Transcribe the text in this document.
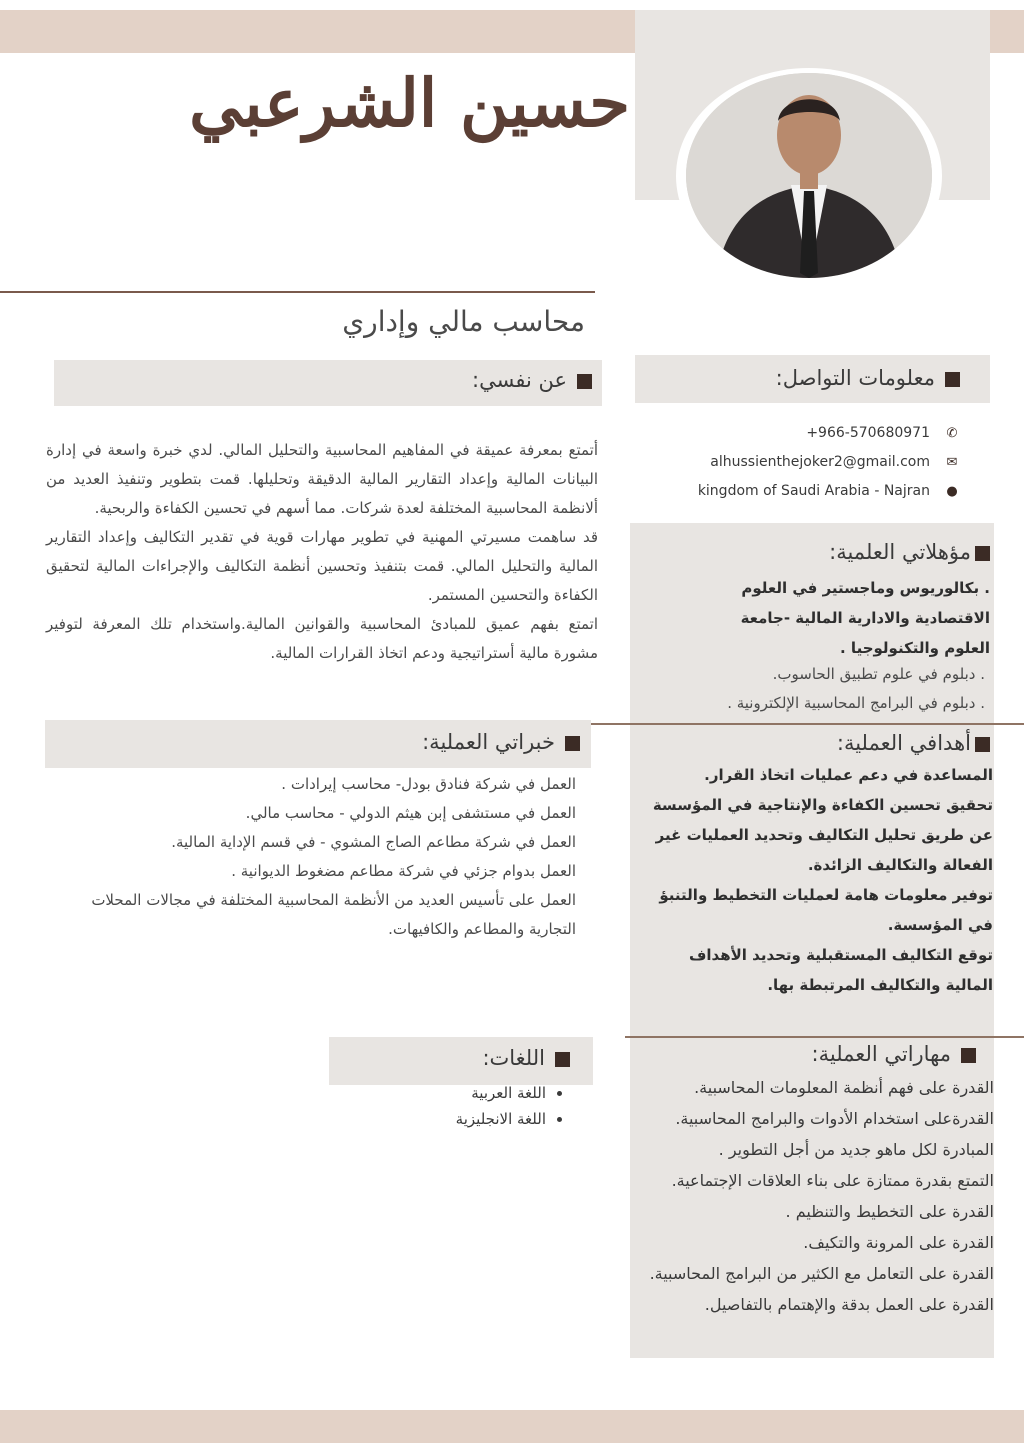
حسين الشرعبي
محاسب مالي وإداري
معلومات التواصل:
+966-570680971 ✆
alhussienthejoker2@gmail.com ✉
kingdom of Saudi Arabia - Najran ●
مؤهلاتي العلمية:
. بكالوريوس وماجستير في العلوم الاقتصادية والادارية المالية -جامعة العلوم والتكنولوجيا .
. دبلوم في علوم تطبيق الحاسوب.
. دبلوم في البرامج المحاسبية الإلكترونية .
أهدافي العملية:
المساعدة في دعم عمليات اتخاذ القرار.
تحقيق تحسين الكفاءة والإنتاجية في المؤسسة عن طريق تحليل التكاليف وتحديد العمليات غير الفعالة والتكاليف الزائدة.
توفير معلومات هامة لعمليات التخطيط والتنبؤ في المؤسسة.
توقع التكاليف المستقبلية وتحديد الأهداف المالية والتكاليف المرتبطة بها.
مهاراتي العملية:
القدرة على فهم أنظمة المعلومات المحاسبية.
القدرةعلى استخدام الأدوات والبرامج المحاسبية.
المبادرة لكل ماهو جديد من أجل التطوير .
التمتع بقدرة ممتازة على بناء العلاقات الإجتماعية.
القدرة على التخطيط والتنظيم .
القدرة على المرونة والتكيف.
القدرة على التعامل مع الكثير من البرامج المحاسبية.
القدرة على العمل بدقة والإهتمام بالتفاصيل.
عن نفسي:
أتمتع بمعرفة عميقة في المفاهيم المحاسبية والتحليل المالي. لدي خبرة واسعة في إدارة البيانات المالية وإعداد التقارير المالية الدقيقة وتحليلها. قمت بتطوير وتنفيذ العديد من ألانظمة المحاسبية المختلفة لعدة شركات. مما أسهم في تحسين الكفاءة والربحية.
قد ساهمت مسيرتي المهنية في تطوير مهارات قوية في تقدير التكاليف وإعداد التقارير المالية والتحليل المالي. قمت بتنفيذ وتحسين أنظمة التكاليف والإجراءات المالية لتحقيق الكفاءة والتحسين المستمر.
اتمتع بفهم عميق للمبادئ المحاسبية والقوانين المالية.واستخدام تلك المعرفة لتوفير مشورة مالية أستراتيجية ودعم اتخاذ القرارات المالية.
خبراتي العملية:
العمل في شركة فنادق بودل- محاسب إيرادات .
العمل في مستشفى إبن هيثم الدولي - محاسب مالي.
العمل في شركة مطاعم الصاج المشوي - في قسم الإداية المالية.
العمل بدوام جزئي في شركة مطاعم مضغوط الديوانية .
العمل على تأسيس العديد من الأنظمة المحاسبية المختلفة في مجالات المحلات التجارية والمطاعم والكافيهات.
اللغات:
• اللغة العربية
• اللغة الانجليزية
